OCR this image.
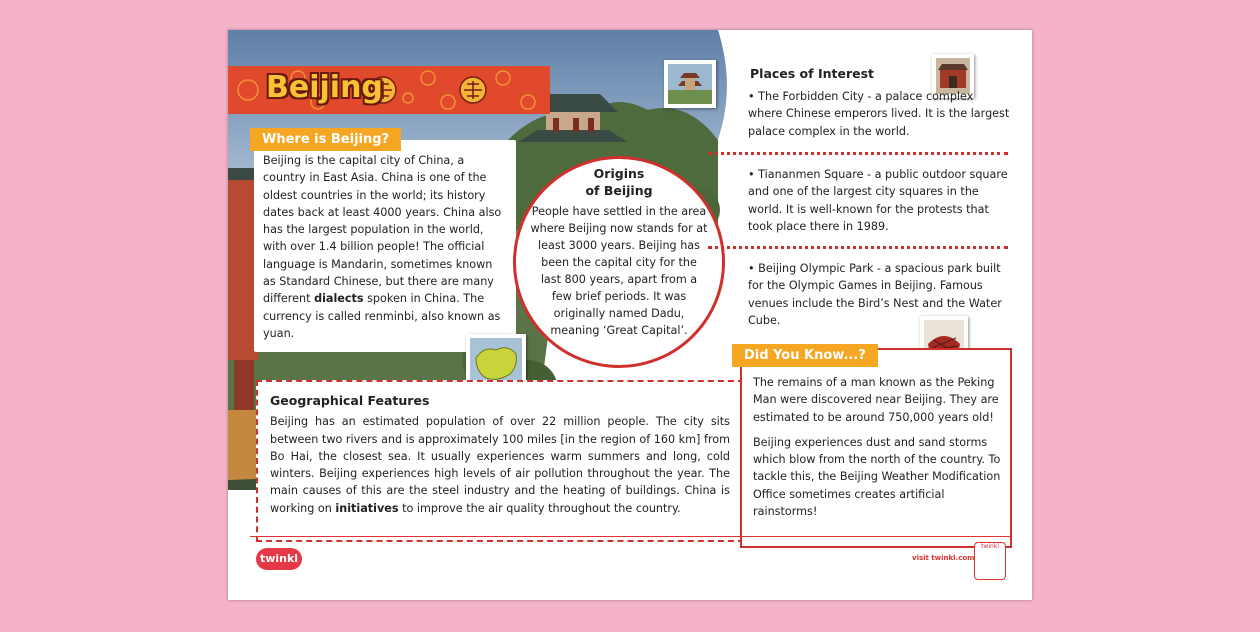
Beijing

Beijing is the capital city of China, a country in East Asia. China is one of the oldest countries in the world; its history dates back at least 4000 years. China also has the largest population in the world, with over 1.4 billion people! The official language is Mandarin, sometimes known as Standard Chinese, but there are many different dialects spoken in China. The currency is called renminbi, also known as yuan.

Where is Beijing?
Origins
of Beijing

People have settled in the area where Beijing now stands for at least 3000 years. Beijing has been the capital city for the last 800 years, apart from a few brief periods. It was originally named Dadu, meaning ‘Great Capital’.

Geographical Features

Beijing has an estimated population of over 22 million people. The city sits between two rivers and is approximately 100 miles [in the region of 160 km] from Bo Hai, the closest sea. It usually experiences warm summers and long, cold winters. Beijing experiences high levels of air pollution throughout the year. The main causes of this are the steel industry and the heating of buildings. China is working on initiatives to improve the air quality throughout the country.

Places of Interest
• The Forbidden City - a palace complex where Chinese emperors lived. It is the largest palace complex in the world.
• Tiananmen Square - a public outdoor square and one of the largest city squares in the world. It is well-known for the protests that took place there in 1989.
• Beijing Olympic Park - a spacious park built for the Olympic Games in Beijing. Famous venues include the Bird’s Nest and the Water Cube.

The remains of a man known as the Peking Man were discovered near Beijing. They are estimated to be around 750,000 years old!

Beijing experiences dust and sand storms which blow from the north of the country. To tackle this, the Beijing Weather Modification Office sometimes creates artificial rainstorms!

Did You Know...?
twinkl	visit twinkl.com
twinkl
